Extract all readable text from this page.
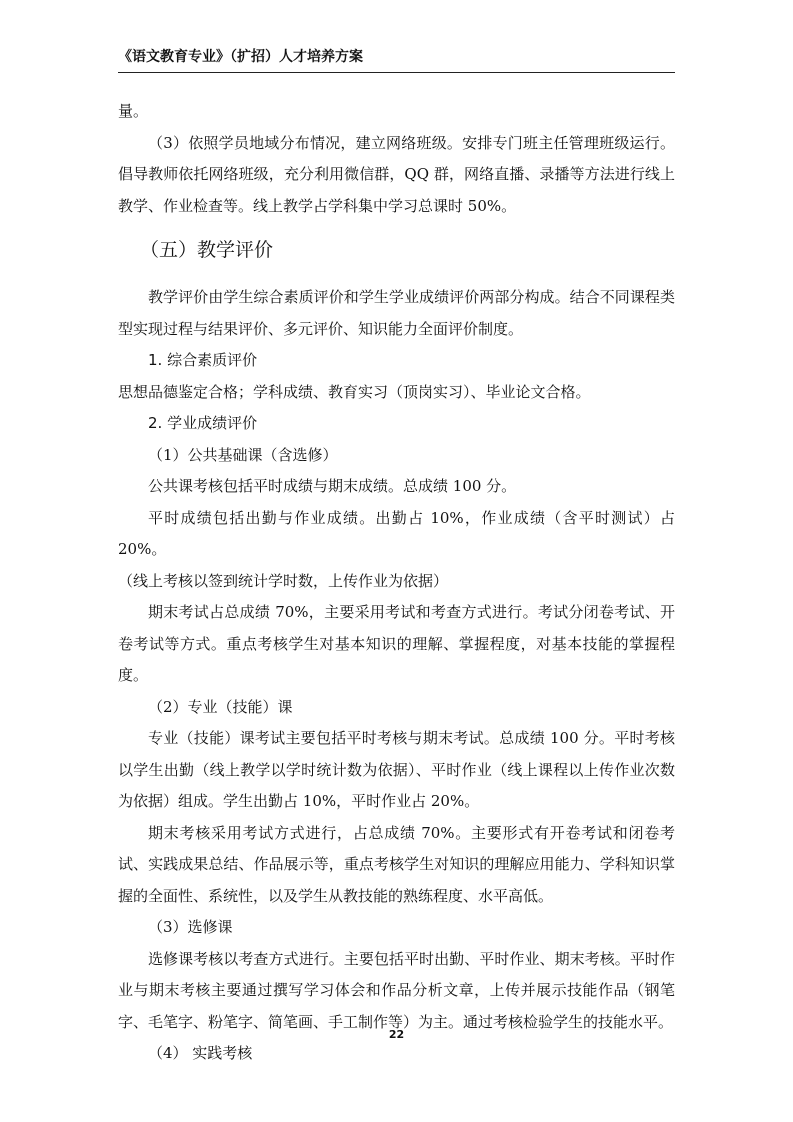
《语文教育专业》（扩招）人才培养方案

量。

（3）依照学员地域分布情况，建立网络班级。安排专门班主任管理班级运行。倡导教师依托网络班级，充分利用微信群，QQ 群，网络直播、录播等方法进行线上教学、作业检查等。线上教学占学科集中学习总课时 50%。

（五）教学评价

教学评价由学生综合素质评价和学生学业成绩评价两部分构成。结合不同课程类型实现过程与结果评价、多元评价、知识能力全面评价制度。

1. 综合素质评价

思想品德鉴定合格；学科成绩、教育实习（顶岗实习）、毕业论文合格。

2. 学业成绩评价

（1）公共基础课（含选修）

公共课考核包括平时成绩与期末成绩。总成绩 100 分。

平时成绩包括出勤与作业成绩。出勤占 10%，作业成绩（含平时测试）占 20%。

（线上考核以签到统计学时数，上传作业为依据）

期末考试占总成绩 70%，主要采用考试和考查方式进行。考试分闭卷考试、开卷考试等方式。重点考核学生对基本知识的理解、掌握程度，对基本技能的掌握程度。

（2）专业（技能）课

专业（技能）课考试主要包括平时考核与期末考试。总成绩 100 分。平时考核以学生出勤（线上教学以学时统计数为依据）、平时作业（线上课程以上传作业次数为依据）组成。学生出勤占 10%，平时作业占 20%。

期末考核采用考试方式进行，占总成绩 70%。主要形式有开卷考试和闭卷考试、实践成果总结、作品展示等，重点考核学生对知识的理解应用能力、学科知识掌握的全面性、系统性，以及学生从教技能的熟练程度、水平高低。

（3）选修课

选修课考核以考查方式进行。主要包括平时出勤、平时作业、期末考核。平时作业与期末考核主要通过撰写学习体会和作品分析文章，上传并展示技能作品（钢笔字、毛笔字、粉笔字、简笔画、手工制作等）为主。通过考核检验学生的技能水平。

（4） 实践考核

22
